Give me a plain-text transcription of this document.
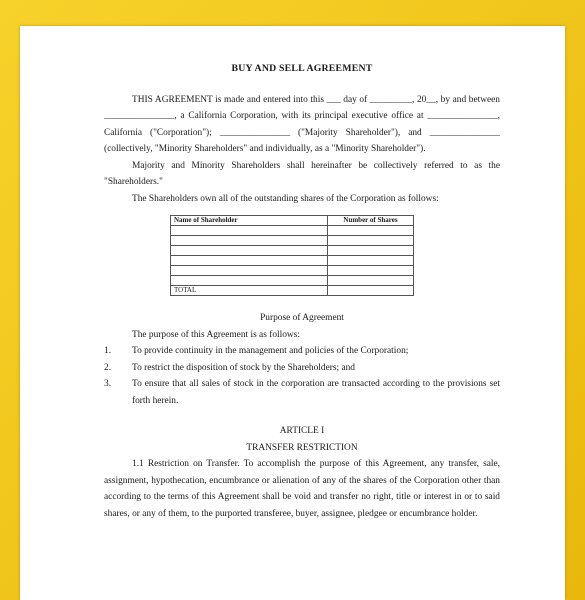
BUY AND SELL AGREEMENT

THIS AGREEMENT is made and entered into this ___ day of _________, 20__, by and between _______________, a California Corporation, with its principal executive office at _______________, California ("Corporation"); _______________ ("Majority Shareholder"), and _______________ (collectively, "Minority Shareholders" and individually, as a "Minority Shareholder").

Majority and Minority Shareholders shall hereinafter be collectively referred to as the "Shareholders."

The Shareholders own all of the outstanding shares of the Corporation as follows:

Name of Shareholder	Number of Shares

TOTAL	
Purpose of Agreement

The purpose of this Agreement is as follows:

1.	To provide continuity in the management and policies of the Corporation;
2.	To restrict the disposition of stock by the Shareholders; and
3.	To ensure that all sales of stock in the corporation are transacted according to the provisions set forth herein.
ARTICLE I
TRANSFER RESTRICTION

1.1 Restriction on Transfer. To accomplish the purpose of this Agreement, any transfer, sale, assignment, hypothecation, encumbrance or alienation of any of the shares of the Corporation other than according to the terms of this Agreement shall be void and transfer no right, title or interest in or to said shares, or any of them, to the purported transferee, buyer, assignee, pledgee or encumbrance holder.
